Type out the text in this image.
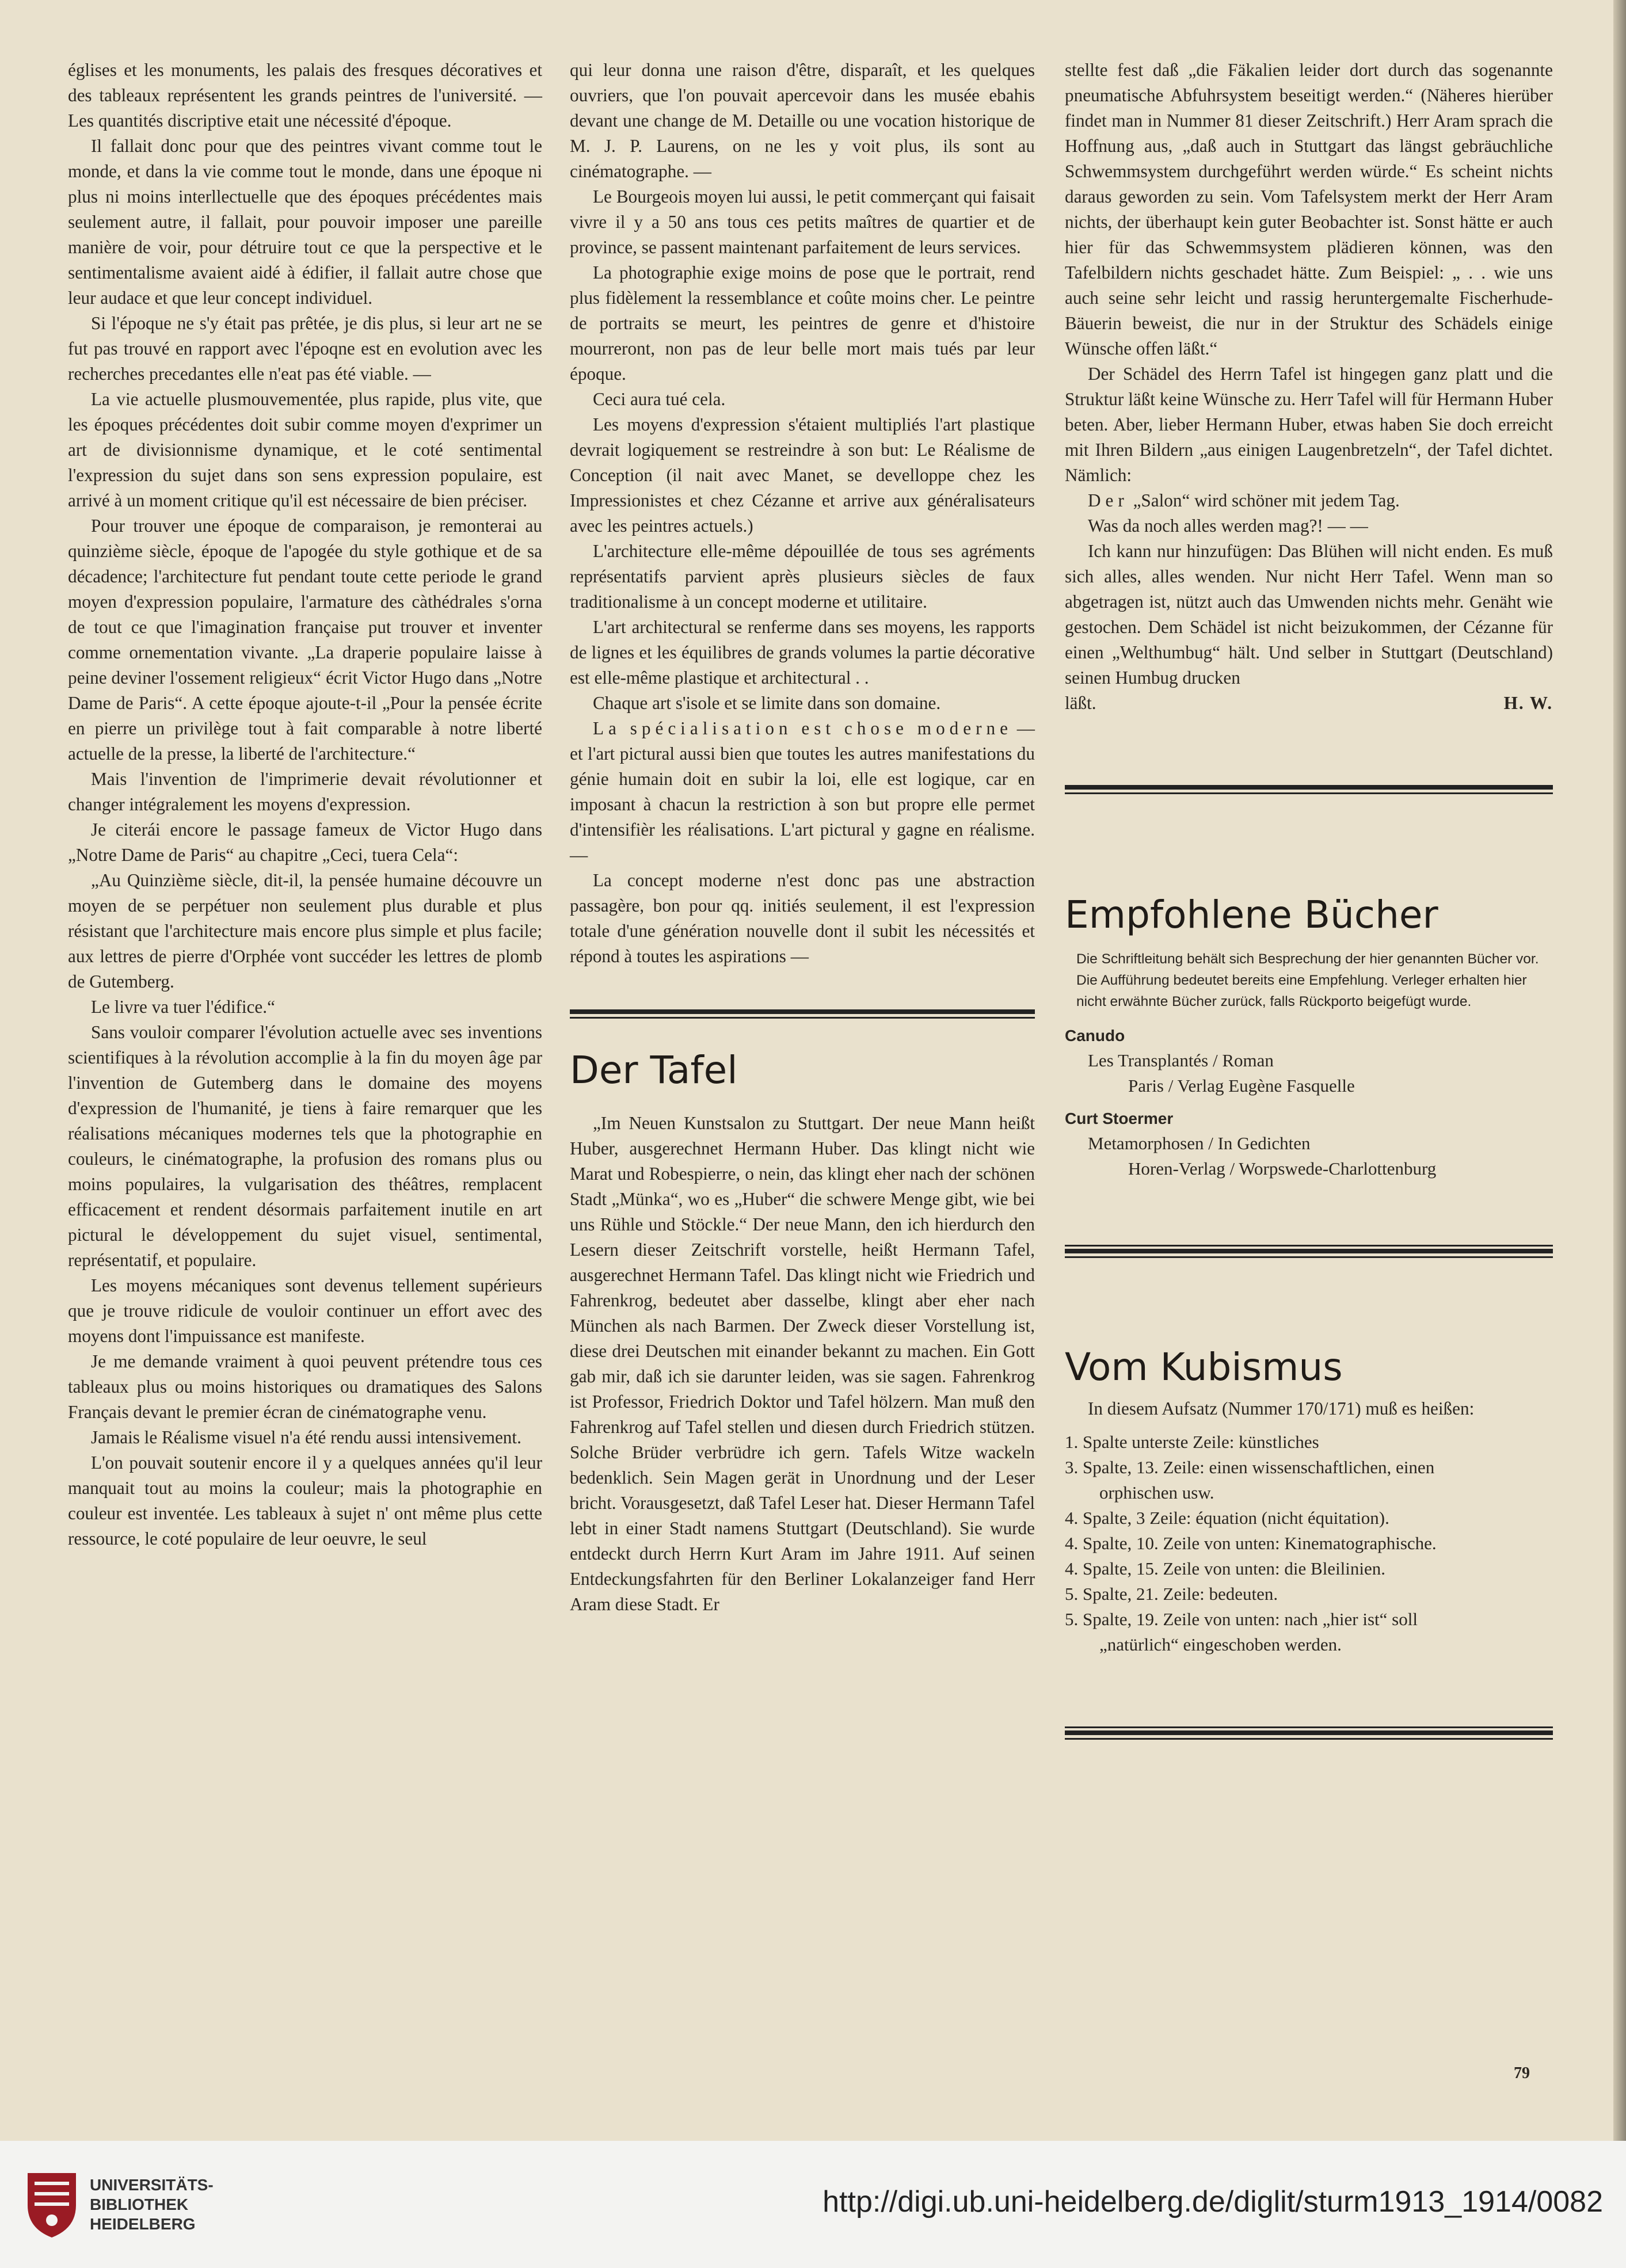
églises et les monuments, les palais des fresques décoratives et des tableaux représentent les grands peintres de l'université. — Les quantités discriptive etait une nécessité d'époque.

Il fallait donc pour que des peintres vivant comme tout le monde, et dans la vie comme tout le monde, dans une époque ni plus ni moins interllectuelle que des époques précédentes mais seulement autre, il fallait, pour pouvoir imposer une pareille manière de voir, pour détruire tout ce que la perspective et le sentimentalisme avaient aidé à édifier, il fallait autre chose que leur audace et que leur concept individuel.

Si l'époque ne s'y était pas prêtée, je dis plus, si leur art ne se fut pas trouvé en rapport avec l'époqne est en evolution avec les recherches precedantes elle n'eat pas été viable. —

La vie actuelle plusmouvementée, plus rapide, plus vite, que les époques précédentes doit subir comme moyen d'exprimer un art de divisionnisme dynamique, et le coté sentimental l'expression du sujet dans son sens expression populaire, est arrivé à un moment critique qu'il est nécessaire de bien préciser.

Pour trouver une époque de comparaison, je remonterai au quinzième siècle, époque de l'apogée du style gothique et de sa décadence; l'architecture fut pendant toute cette periode le grand moyen d'expression populaire, l'armature des càthédrales s'orna de tout ce que l'imagination française put trouver et inventer comme ornementation vivante. „La draperie populaire laisse à peine deviner l'ossement religieux“ écrit Victor Hugo dans „Notre Dame de Paris“. A cette époque ajoute-t-il „Pour la pensée écrite en pierre un privilège tout à fait comparable à notre liberté actuelle de la presse, la liberté de l'architecture.“

Mais l'invention de l'imprimerie devait révolutionner et changer intégralement les moyens d'expression.

Je citerái encore le passage fameux de Victor Hugo dans „Notre Dame de Paris“ au chapitre „Ceci, tuera Cela“:

„Au Quinzième siècle, dit-il, la pensée humaine découvre un moyen de se perpétuer non seulement plus durable et plus résistant que l'architecture mais encore plus simple et plus facile; aux lettres de pierre d'Orphée vont succéder les lettres de plomb de Gutemberg.

Le livre va tuer l'édifice.“

Sans vouloir comparer l'évolution actuelle avec ses inventions scientifiques à la révolution accomplie à la fin du moyen âge par l'invention de Gutemberg dans le domaine des moyens d'expression de l'humanité, je tiens à faire remarquer que les réalisations mécaniques modernes tels que la photographie en couleurs, le cinématographe, la profusion des romans plus ou moins populaires, la vulgarisation des théâtres, remplacent efficacement et rendent désormais parfaitement inutile en art pictural le développement du sujet visuel, sentimental, représentatif, et populaire.

Les moyens mécaniques sont devenus tellement supérieurs que je trouve ridicule de vouloir continuer un effort avec des moyens dont l'impuissance est manifeste.

Je me demande vraiment à quoi peuvent prétendre tous ces tableaux plus ou moins historiques ou dramatiques des Salons Français devant le premier écran de cinématographe venu.

Jamais le Réalisme visuel n'a été rendu aussi intensivement.

L'on pouvait soutenir encore il y a quelques années qu'il leur manquait tout au moins la couleur; mais la photographie en couleur est inventée. Les tableaux à sujet n' ont même plus cette ressource, le coté populaire de leur oeuvre, le seul

qui leur donna une raison d'être, disparaît, et les quelques ouvriers, que l'on pouvait apercevoir dans les musée ebahis devant une change de M. Detaille ou une vocation historique de M. J. P. Laurens, on ne les y voit plus, ils sont au cinématographe. —

Le Bourgeois moyen lui aussi, le petit commerçant qui faisait vivre il y a 50 ans tous ces petits maîtres de quartier et de province, se passent maintenant parfaitement de leurs services.

La photographie exige moins de pose que le portrait, rend plus fidèlement la ressemblance et coûte moins cher. Le peintre de portraits se meurt, les peintres de genre et d'histoire mourreront, non pas de leur belle mort mais tués par leur époque.

Ceci aura tué cela.

Les moyens d'expression s'étaient multipliés l'art plastique devrait logiquement se restreindre à son but: Le Réalisme de Conception (il nait avec Manet, se develloppe chez les Impressionistes et chez Cézanne et arrive aux généralisateurs avec les peintres actuels.)

L'architecture elle-même dépouillée de tous ses agréments représentatifs parvient après plusieurs siècles de faux traditionalisme à un concept moderne et utilitaire.

L'art architectural se renferme dans ses moyens, les rapports de lignes et les équilibres de grands volumes la partie décorative est elle-même plastique et architectural . .

Chaque art s'isole et se limite dans son domaine.

La spécialisation est chose moderne — et l'art pictural aussi bien que toutes les autres manifestations du génie humain doit en subir la loi, elle est logique, car en imposant à chacun la restriction à son but propre elle permet d'intensifièr les réalisations. L'art pictural y gagne en réalisme. —

La concept moderne n'est donc pas une abstraction passagère, bon pour qq. initiés seulement, il est l'expression totale d'une génération nouvelle dont il subit les nécessités et répond à toutes les aspirations —

Der Tafel

„Im Neuen Kunstsalon zu Stuttgart. Der neue Mann heißt Huber, ausgerechnet Hermann Huber. Das klingt nicht wie Marat und Robespierre, o nein, das klingt eher nach der schönen Stadt „Münka“, wo es „Huber“ die schwere Menge gibt, wie bei uns Rühle und Stöckle.“ Der neue Mann, den ich hierdurch den Lesern dieser Zeitschrift vorstelle, heißt Hermann Tafel, ausgerechnet Hermann Tafel. Das klingt nicht wie Friedrich und Fahrenkrog, bedeutet aber dasselbe, klingt aber eher nach München als nach Barmen. Der Zweck dieser Vorstellung ist, diese drei Deutschen mit einander bekannt zu machen. Ein Gott gab mir, daß ich sie darunter leiden, was sie sagen. Fahrenkrog ist Professor, Friedrich Doktor und Tafel hölzern. Man muß den Fahrenkrog auf Tafel stellen und diesen durch Friedrich stützen. Solche Brüder verbrüdre ich gern. Tafels Witze wackeln bedenklich. Sein Magen gerät in Unordnung und der Leser bricht. Vorausgesetzt, daß Tafel Leser hat. Dieser Hermann Tafel lebt in einer Stadt namens Stuttgart (Deutschland). Sie wurde entdeckt durch Herrn Kurt Aram im Jahre 1911. Auf seinen Entdeckungsfahrten für den Berliner Lokalanzeiger fand Herr Aram diese Stadt. Er

stellte fest daß „die Fäkalien leider dort durch das sogenannte pneumatische Abfuhrsystem beseitigt werden.“ (Näheres hierüber findet man in Nummer 81 dieser Zeitschrift.) Herr Aram sprach die Hoffnung aus, „daß auch in Stuttgart das längst gebräuchliche Schwemmsystem durchgeführt werden würde.“ Es scheint nichts daraus geworden zu sein. Vom Tafelsystem merkt der Herr Aram nichts, der überhaupt kein guter Beobachter ist. Sonst hätte er auch hier für das Schwemmsystem plädieren können, was den Tafelbildern nichts geschadet hätte. Zum Beispiel: „ . . wie uns auch seine sehr leicht und rassig heruntergemalte Fischerhude-Bäuerin beweist, die nur in der Struktur des Schädels einige Wünsche offen läßt.“

Der Schädel des Herrn Tafel ist hingegen ganz platt und die Struktur läßt keine Wünsche zu. Herr Tafel will für Hermann Huber beten. Aber, lieber Hermann Huber, etwas haben Sie doch erreicht mit Ihren Bildern „aus einigen Laugenbretzeln“, der Tafel dichtet. Nämlich:

Der „Salon“ wird schöner mit jedem Tag.

Was da noch alles werden mag?! — —

Ich kann nur hinzufügen: Das Blühen will nicht enden. Es muß sich alles, alles wenden. Nur nicht Herr Tafel. Wenn man so abgetragen ist, nützt auch das Umwenden nichts mehr. Genäht wie gestochen. Dem Schädel ist nicht beizukommen, der Cézanne für einen „Welthumbug“ hält. Und selber in Stuttgart (Deutschland) seinen Humbug drucken

läßt.	H. W.

Empfohlene Bücher
Die Schriftleitung behält sich Besprechung der hier genannten Bücher vor. Die Aufführung bedeutet bereits eine Empfehlung. Verleger erhalten hier nicht erwähnte Bücher zurück, falls Rückporto beigefügt wurde.
Canudo
Les Transplantés / Roman
Paris / Verlag Eugène Fasquelle
Curt Stoermer
Metamorphosen / In Gedichten
Horen-Verlag / Worpswede-Charlottenburg
Vom Kubismus

In diesem Aufsatz (Nummer 170/171) muß es heißen:

1. Spalte unterste Zeile: künstliches
3. Spalte, 13. Zeile: einen wissenschaftlichen, einen
orphischen usw.
4. Spalte, 3 Zeile: équation (nicht équitation).
4. Spalte, 10. Zeile von unten: Kinematographische.
4. Spalte, 15. Zeile von unten: die Bleilinien.
5. Spalte, 21. Zeile: bedeuten.
5. Spalte, 19. Zeile von unten: nach „hier ist“ soll
„natürlich“ eingeschoben werden.
79
UNIVERSITÄTS-
BIBLIOTHEK
HEIDELBERG
http://digi.ub.uni-heidelberg.de/diglit/sturm1913_1914/0082
